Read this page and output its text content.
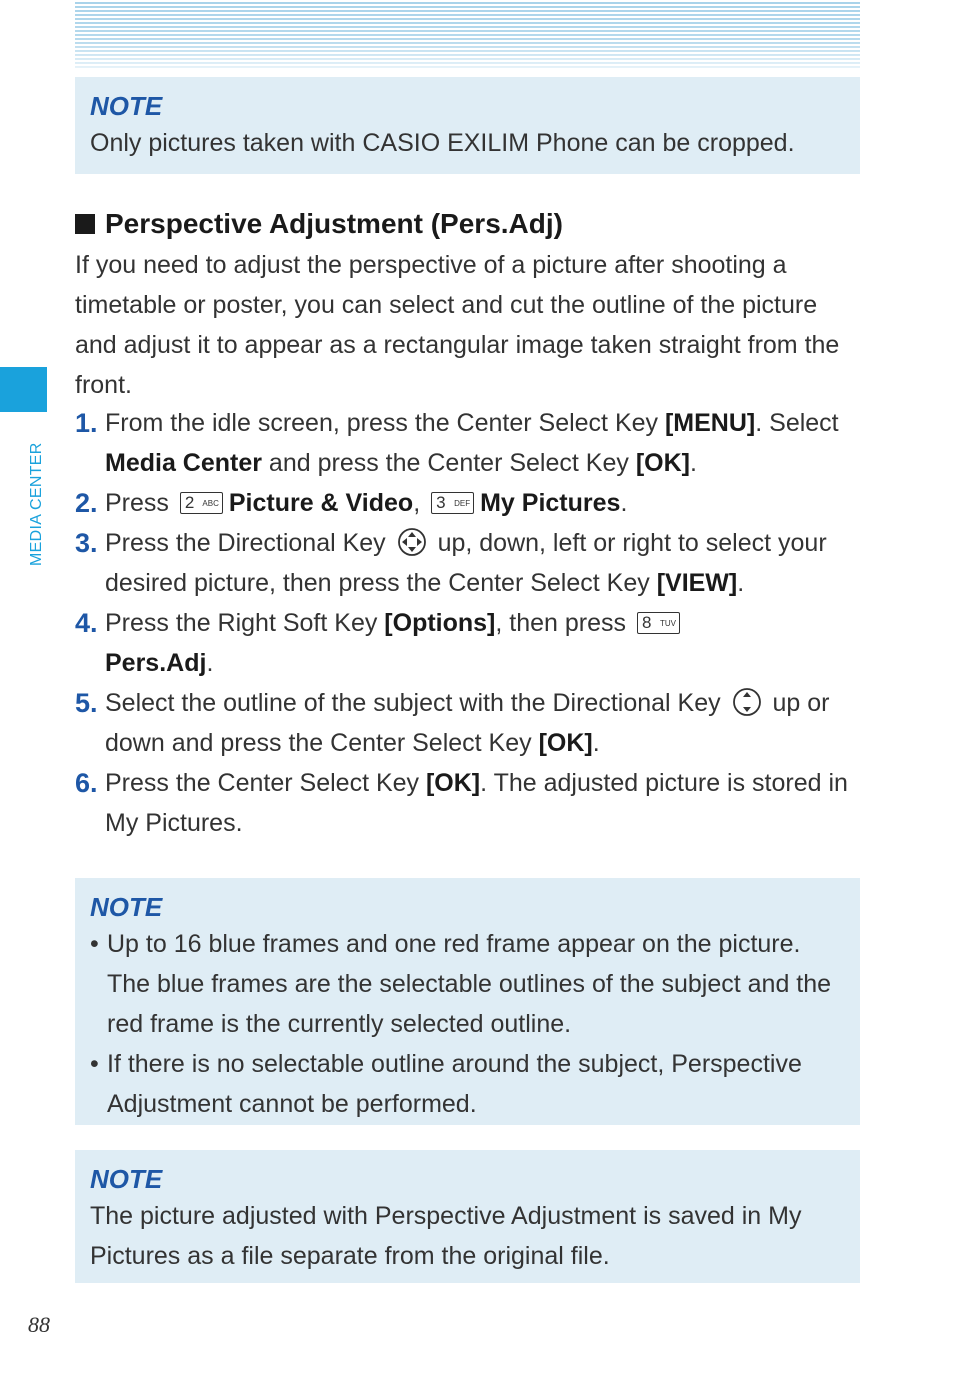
MEDIA CENTER
NOTE
Only pictures taken with CASIO EXILIM Phone can be cropped.
Perspective Adjustment (Pers.Adj)
If you need to adjust the perspective of a picture after shooting a timetable or poster, you can select and cut the outline of the picture and adjust it to appear as a rectangular image taken straight from the front.
1. From the idle screen, press the Center Select Key [MENU]. Select Media Center and press the Center Select Key [OK].
2. Press 2 ABC Picture & Video, 3 DEF My Pictures.
3. Press the Directional Key  up, down, left or right to select your desired picture, then press the Center Select Key [VIEW].
4. Press the Right Soft Key [Options], then press 8 TUV

Pers.Adj.
5. Select the outline of the subject with the Directional Key  up or down and press the Center Select Key [OK].
6. Press the Center Select Key [OK]. The adjusted picture is stored in My Pictures.
NOTE
• Up to 16 blue frames and one red frame appear on the picture. The blue frames are the selectable outlines of the subject and the red frame is the currently selected outline.
• If there is no selectable outline around the subject, Perspective Adjustment cannot be performed.
NOTE
The picture adjusted with Perspective Adjustment is saved in My Pictures as a file separate from the original file.
88
